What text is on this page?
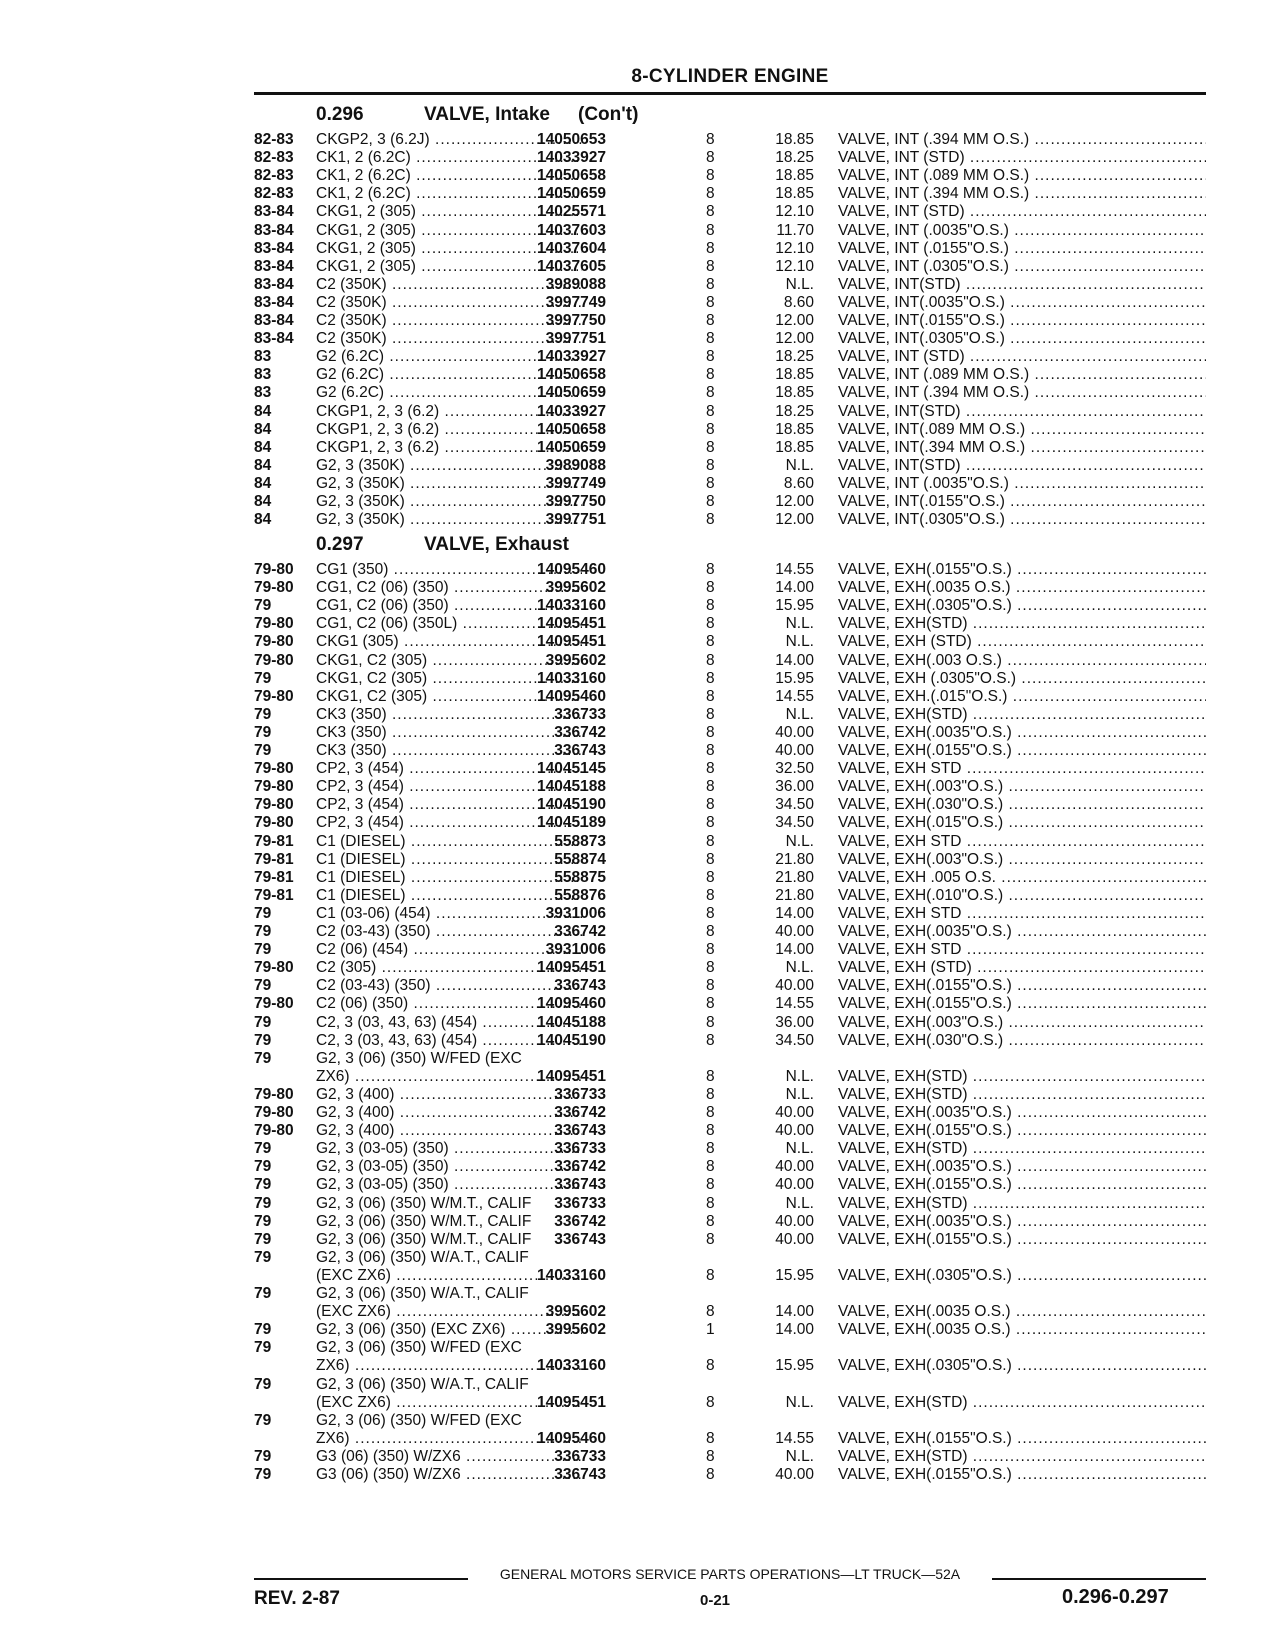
8-CYLINDER ENGINE
0.296	VALVE, Intake (Con't)
82-83	CKGP2, 3 (6.2J) .....	14050653	8	18.85 VALVE, INT (.394 MM O.S.) .....
82-83	CK1, 2 (6.2C) .....	14033927	8	18.25 VALVE, INT (STD) .....
82-83	CK1, 2 (6.2C) .....	14050658	8	18.85 VALVE, INT (.089 MM O.S.) .....
82-83	CK1, 2 (6.2C) .....	14050659	8	18.85 VALVE, INT (.394 MM O.S.) .....
83-84	CKG1, 2 (305) .....	14025571	8	12.10 VALVE, INT (STD) .....
83-84	CKG1, 2 (305) .....	14037603	8	11.70 VALVE, INT (.0035"O.S.) .....
83-84	CKG1, 2 (305) .....	14037604	8	12.10 VALVE, INT (.0155"O.S.) .....
83-84	CKG1, 2 (305) .....	14037605	8	12.10 VALVE, INT (.0305"O.S.) .....
83-84	C2 (350K) .....	3989088	8	N.L. VALVE, INT(STD) .....
83-84	C2 (350K) .....	3997749	8	8.60 VALVE, INT(.0035"O.S.) .....
83-84	C2 (350K) .....	3997750	8	12.00 VALVE, INT(.0155"O.S.) .....
83-84	C2 (350K) .....	3997751	8	12.00 VALVE, INT(.0305"O.S.) .....
83	G2 (6.2C) .....	14033927	8	18.25 VALVE, INT (STD) .....
83	G2 (6.2C) .....	14050658	8	18.85 VALVE, INT (.089 MM O.S.) .....
83	G2 (6.2C) .....	14050659	8	18.85 VALVE, INT (.394 MM O.S.) .....
84	CKGP1, 2, 3 (6.2) .....	14033927	8	18.25 VALVE, INT(STD) .....
84	CKGP1, 2, 3 (6.2) .....	14050658	8	18.85 VALVE, INT(.089 MM O.S.) .....
84	CKGP1, 2, 3 (6.2) .....	14050659	8	18.85 VALVE, INT(.394 MM O.S.) .....
84	G2, 3 (350K) .....	3989088	8	N.L. VALVE, INT(STD) .....
84	G2, 3 (350K) .....	3997749	8	8.60 VALVE, INT (.0035"O.S.) .....
84	G2, 3 (350K) .....	3997750	8	12.00 VALVE, INT(.0155"O.S.) .....
84	G2, 3 (350K) .....	3997751	8	12.00 VALVE, INT(.0305"O.S.) .....
0.297	VALVE, Exhaust
79-80	CG1 (350) .....	14095460	8	14.55 VALVE, EXH(.0155"O.S.) .....
79-80	CG1, C2 (06) (350) .....	3995602	8	14.00 VALVE, EXH(.0035 O.S.) .....
79	CG1, C2 (06) (350) .....	14033160	8	15.95 VALVE, EXH(.0305"O.S.) .....
79-80	CG1, C2 (06) (350L) .....	14095451	8	N.L. VALVE, EXH(STD) .....
79-80	CKG1 (305) .....	14095451	8	N.L. VALVE, EXH (STD) .....
79-80	CKG1, C2 (305) .....	3995602	8	14.00 VALVE, EXH(.003 O.S.) .....
79	CKG1, C2 (305) .....	14033160	8	15.95 VALVE, EXH (.0305"O.S.) .....
79-80	CKG1, C2 (305) .....	14095460	8	14.55 VALVE, EXH.(.015"O.S.) .....
79	CK3 (350) .....	336733	8	N.L. VALVE, EXH(STD) .....
79	CK3 (350) .....	336742	8	40.00 VALVE, EXH(.0035"O.S.) .....
79	CK3 (350) .....	336743	8	40.00 VALVE, EXH(.0155"O.S.) .....
79-80	CP2, 3 (454) .....	14045145	8	32.50 VALVE, EXH STD .....
79-80	CP2, 3 (454) .....	14045188	8	36.00 VALVE, EXH(.003"O.S.) .....
79-80	CP2, 3 (454) .....	14045190	8	34.50 VALVE, EXH(.030"O.S.) .....
79-80	CP2, 3 (454) .....	14045189	8	34.50 VALVE, EXH(.015"O.S.) .....
79-81	C1 (DIESEL) .....	558873	8	N.L. VALVE, EXH STD .....
79-81	C1 (DIESEL) .....	558874	8	21.80 VALVE, EXH(.003"O.S.) .....
79-81	C1 (DIESEL) .....	558875	8	21.80 VALVE, EXH .005 O.S. .....
79-81	C1 (DIESEL) .....	558876	8	21.80 VALVE, EXH(.010"O.S.) .....
79	C1 (03-06) (454) .....	3931006	8	14.00 VALVE, EXH STD .....
79	C2 (03-43) (350) .....	336742	8	40.00 VALVE, EXH(.0035"O.S.) .....
79	C2 (06) (454) .....	3931006	8	14.00 VALVE, EXH STD .....
79-80	C2 (305) .....	14095451	8	N.L. VALVE, EXH (STD) .....
79	C2 (03-43) (350) .....	336743	8	40.00 VALVE, EXH(.0155"O.S.) .....
79-80	C2 (06) (350) .....	14095460	8	14.55 VALVE, EXH(.0155"O.S.) .....
79	C2, 3 (03, 43, 63) (454) .....	14045188	8	36.00 VALVE, EXH(.003"O.S.) .....
79	C2, 3 (03, 43, 63) (454) .....	14045190	8	34.50 VALVE, EXH(.030"O.S.) .....
79	G2, 3 (06) (350) W/FED (EXC
ZX6) .....	14095451	8	N.L. VALVE, EXH(STD) .....
79-80	G2, 3 (400) .....	336733	8	N.L. VALVE, EXH(STD) .....
79-80	G2, 3 (400) .....	336742	8	40.00 VALVE, EXH(.0035"O.S.) .....
79-80	G2, 3 (400) .....	336743	8	40.00 VALVE, EXH(.0155"O.S.) .....
79	G2, 3 (03-05) (350) .....	336733	8	N.L. VALVE, EXH(STD) .....
79	G2, 3 (03-05) (350) .....	336742	8	40.00 VALVE, EXH(.0035"O.S.) .....
79	G2, 3 (03-05) (350) .....	336743	8	40.00 VALVE, EXH(.0155"O.S.) .....
79	G2, 3 (06) (350) W/M.T., CALIF	336733	8	N.L. VALVE, EXH(STD) .....
79	G2, 3 (06) (350) W/M.T., CALIF	336742	8	40.00 VALVE, EXH(.0035"O.S.) .....
79	G2, 3 (06) (350) W/M.T., CALIF	336743	8	40.00 VALVE, EXH(.0155"O.S.) .....
79	G2, 3 (06) (350) W/A.T., CALIF
(EXC ZX6) .....	14033160	8	15.95 VALVE, EXH(.0305"O.S.) .....
79	G2, 3 (06) (350) W/A.T., CALIF
(EXC ZX6) .....	3995602	8	14.00 VALVE, EXH(.0035 O.S.) .....
79	G2, 3 (06) (350) (EXC ZX6) .....	3995602	1	14.00 VALVE, EXH(.0035 O.S.) .....
79	G2, 3 (06) (350) W/FED (EXC
ZX6) .....	14033160	8	15.95 VALVE, EXH(.0305"O.S.) .....
79	G2, 3 (06) (350) W/A.T., CALIF
(EXC ZX6) .....	14095451	8	N.L. VALVE, EXH(STD) .....
79	G2, 3 (06) (350) W/FED (EXC
ZX6) .....	14095460	8	14.55 VALVE, EXH(.0155"O.S.) .....
79	G3 (06) (350) W/ZX6 .....	336733	8	N.L. VALVE, EXH(STD) .....
79	G3 (06) (350) W/ZX6 .....	336743	8	40.00 VALVE, EXH(.0155"O.S.) .....
GENERAL MOTORS SERVICE PARTS OPERATIONS—LT TRUCK—52A
REV. 2-87	0-21	0.296-0.297
